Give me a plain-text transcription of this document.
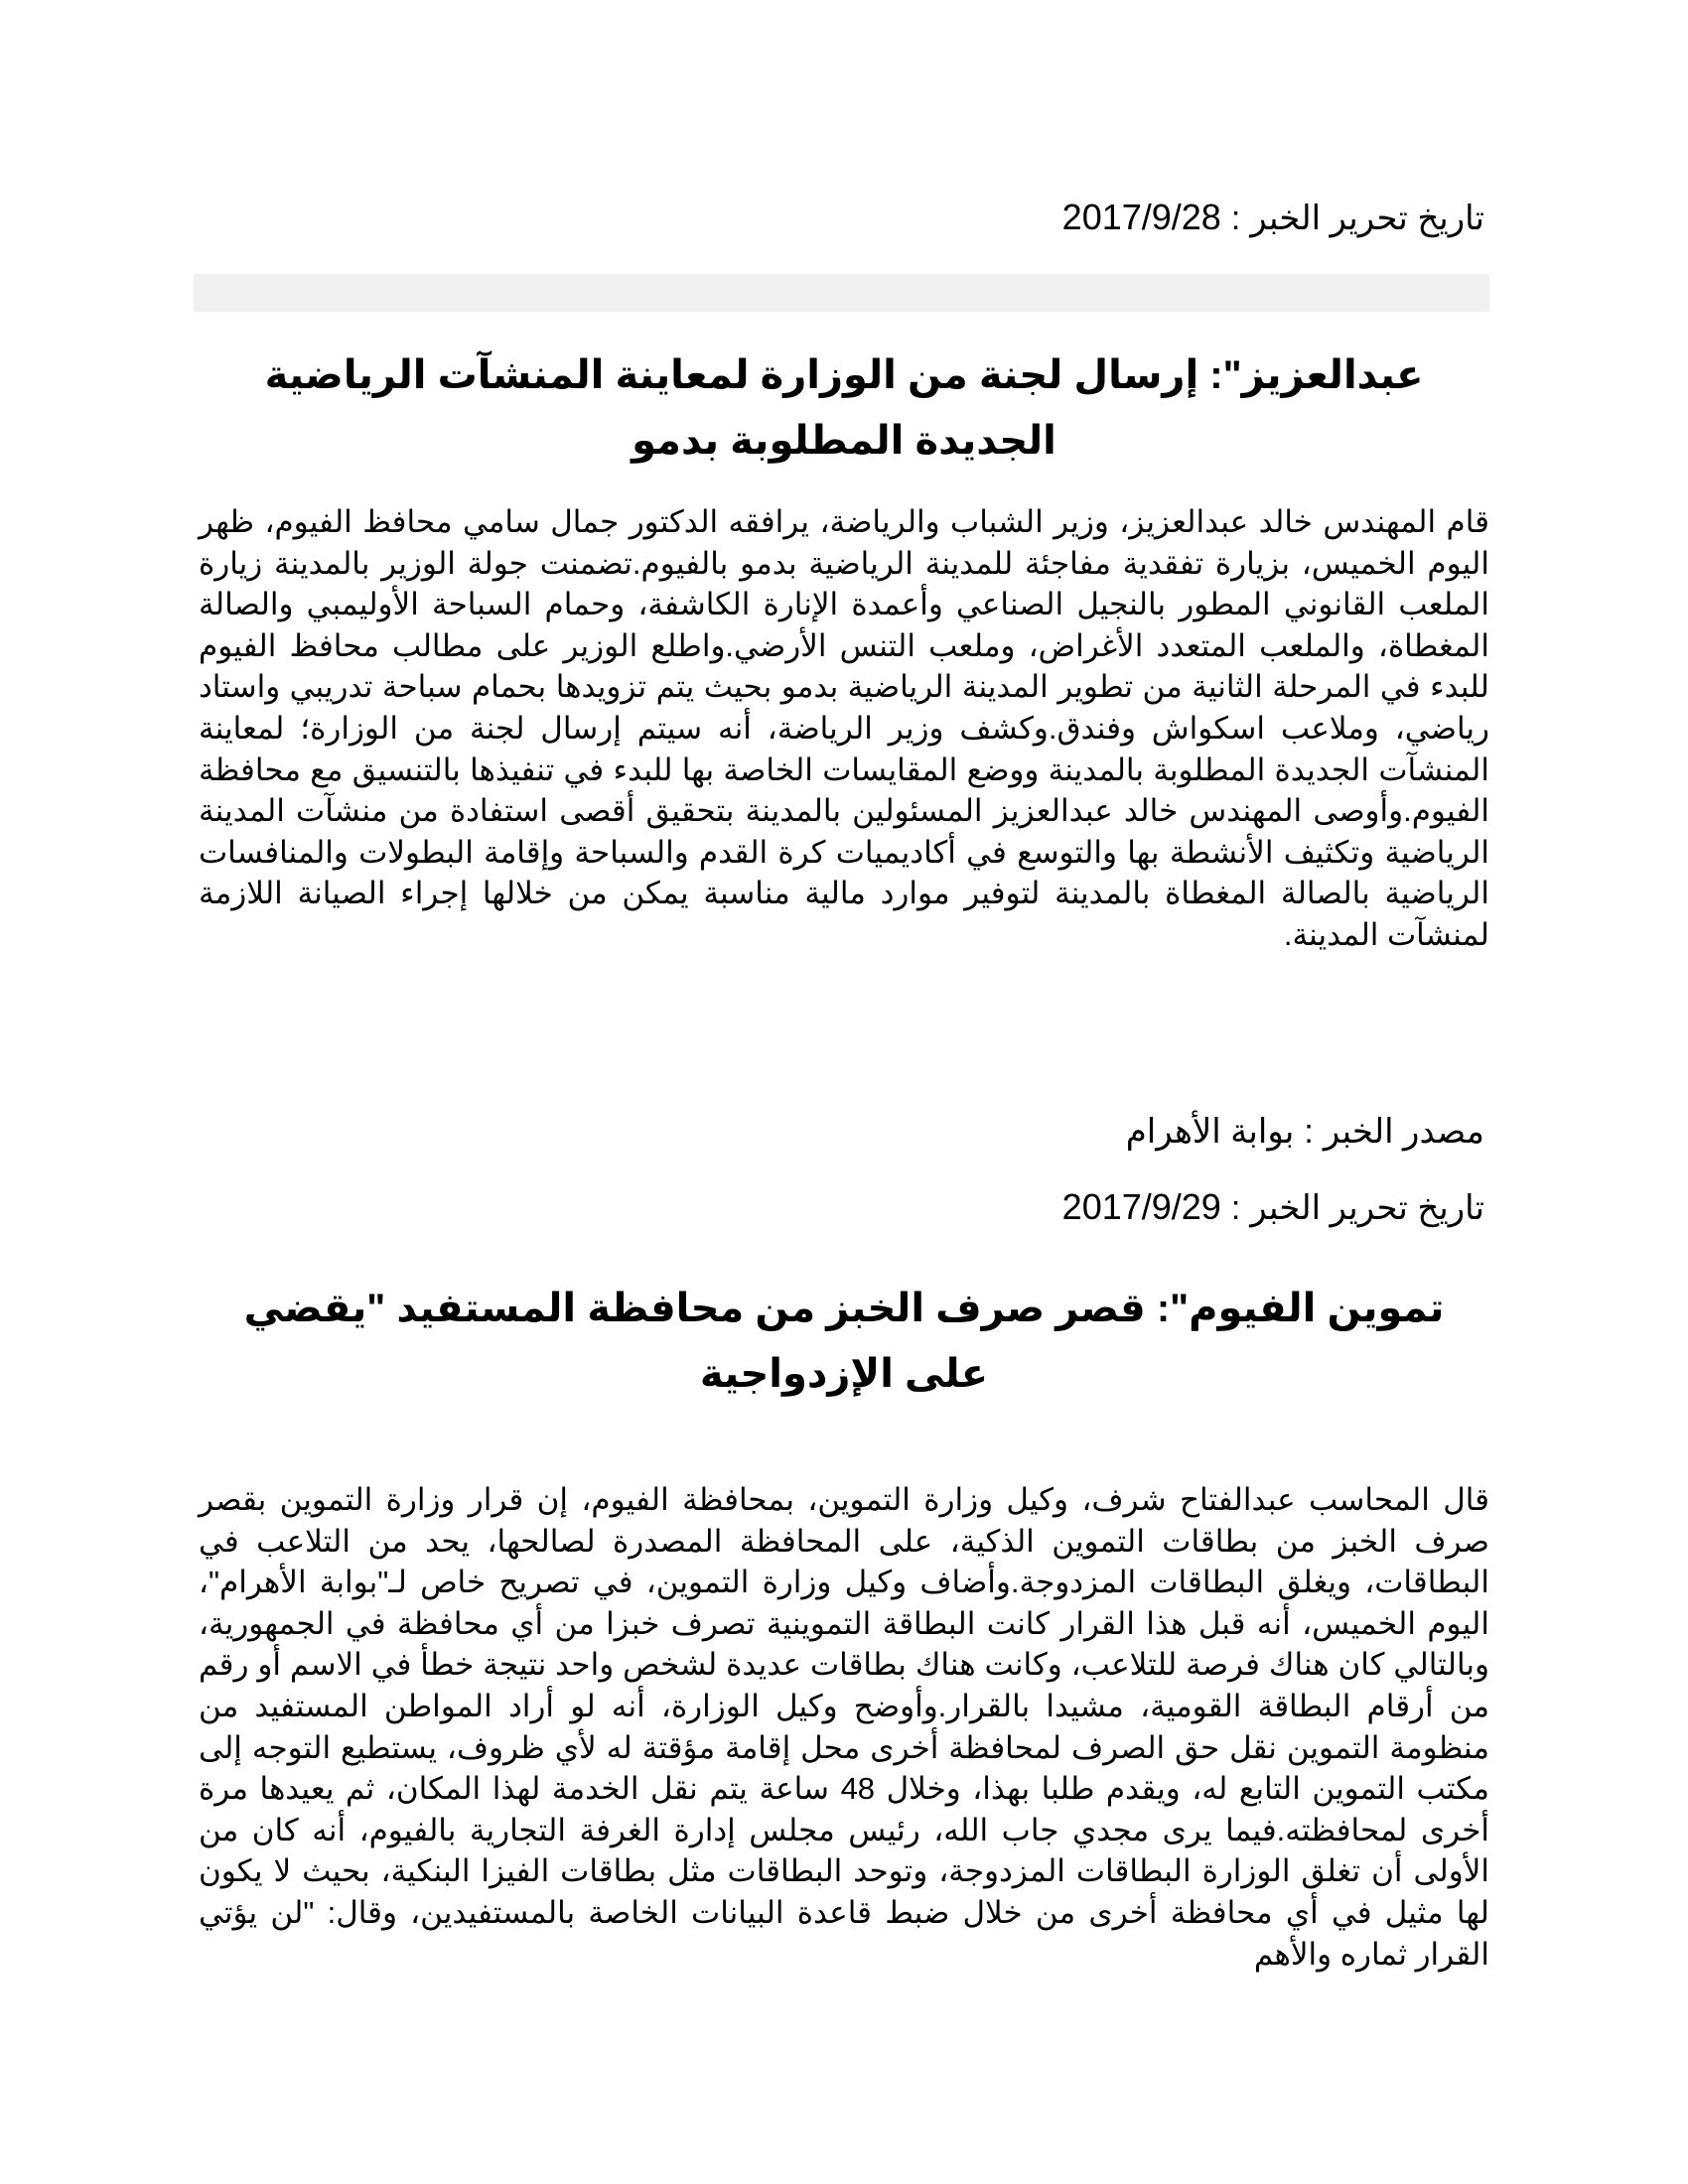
تاريخ تحرير الخبر:2017/9/28
عبدالعزيز": إرسال لجنة من الوزارة لمعاينة المنشآت الرياضية الجديدة المطلوبة بدمو

قام المهندس خالد عبدالعزيز، وزير الشباب والرياضة، يرافقه الدكتور جمال سامي محافظ الفيوم، ظهر اليوم الخميس، بزيارة تفقدية مفاجئة للمدينة الرياضية بدمو بالفيوم.تضمنت جولة الوزير بالمدينة زيارة الملعب القانوني المطور بالنجيل الصناعي وأعمدة الإنارة الكاشفة، وحمام السباحة الأوليمبي والصالة المغطاة، والملعب المتعدد الأغراض، وملعب التنس الأرضي.واطلع الوزير على مطالب محافظ الفيوم للبدء في المرحلة الثانية من تطوير المدينة الرياضية بدمو بحيث يتم تزويدها بحمام سباحة تدريبي واستاد رياضي، وملاعب اسكواش وفندق.وكشف وزير الرياضة، أنه سيتم إرسال لجنة من الوزارة؛ لمعاينة المنشآت الجديدة المطلوبة بالمدينة ووضع المقايسات الخاصة بها للبدء في تنفيذها بالتنسيق مع محافظة الفيوم.وأوصى المهندس خالد عبدالعزيز المسئولين بالمدينة بتحقيق أقصى استفادة من منشآت المدينة الرياضية وتكثيف الأنشطة بها والتوسع في أكاديميات كرة القدم والسباحة وإقامة البطولات والمنافسات الرياضية بالصالة المغطاة بالمدينة لتوفير موارد مالية مناسبة يمكن من خلالها إجراء الصيانة اللازمة لمنشآت المدينة.

مصدر الخبر:بوابة الأهرام
تاريخ تحرير الخبر:2017/9/29
تموين الفيوم": قصر صرف الخبز من محافظة المستفيد "يقضي على الإزدواجية

قال المحاسب عبدالفتاح شرف، وكيل وزارة التموين، بمحافظة الفيوم، إن قرار وزارة التموين بقصر صرف الخبز من بطاقات التموين الذكية، على المحافظة المصدرة لصالحها، يحد من التلاعب في البطاقات، ويغلق البطاقات المزدوجة.وأضاف وكيل وزارة التموين، في تصريح خاص لـ"بوابة الأهرام"، اليوم الخميس، أنه قبل هذا القرار كانت البطاقة التموينية تصرف خبزا من أي محافظة في الجمهورية، وبالتالي كان هناك فرصة للتلاعب، وكانت هناك بطاقات عديدة لشخص واحد نتيجة خطأ في الاسم أو رقم من أرقام البطاقة القومية، مشيدا بالقرار.وأوضح وكيل الوزارة، أنه لو أراد المواطن المستفيد من منظومة التموين نقل حق الصرف لمحافظة أخرى محل إقامة مؤقتة له لأي ظروف، يستطيع التوجه إلى مكتب التموين التابع له، ويقدم طلبا بهذا، وخلال 48 ساعة يتم نقل الخدمة لهذا المكان، ثم يعيدها مرة أخرى لمحافظته.فيما يرى مجدي جاب الله، رئيس مجلس إدارة الغرفة التجارية بالفيوم، أنه كان من الأولى أن تغلق الوزارة البطاقات المزدوجة، وتوحد البطاقات مثل بطاقات الفيزا البنكية، بحيث لا يكون لها مثيل في أي محافظة أخرى من خلال ضبط قاعدة البيانات الخاصة بالمستفيدين، وقال: "لن يؤتي القرار ثماره والأهم
